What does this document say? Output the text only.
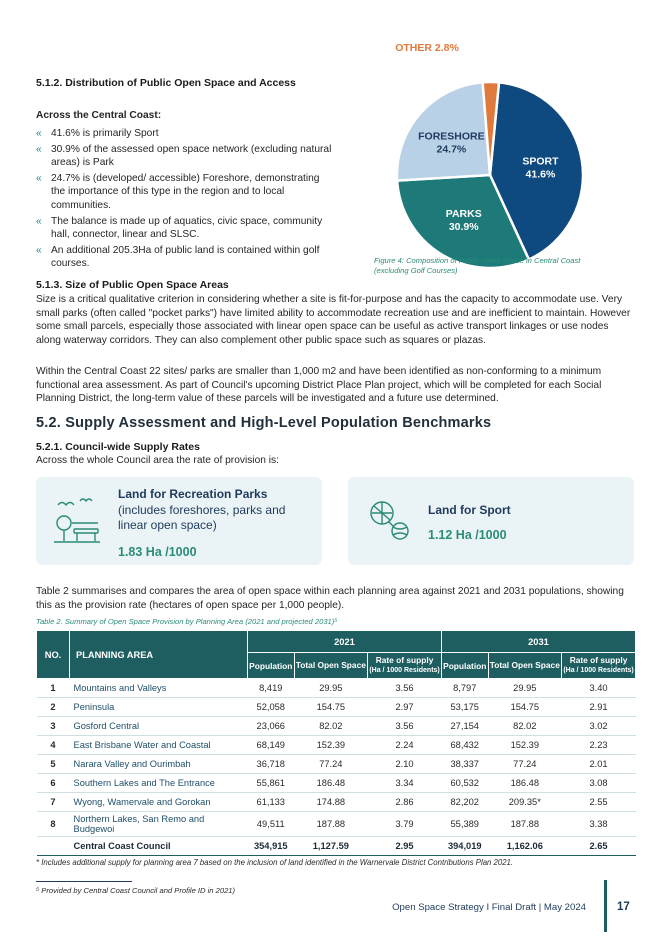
5.1.2. Distribution of Public Open Space and Access
Across the Central Coast:
« 41.6% is primarily Sport
« 30.9% of the assessed open space network (excluding natural areas) is Park
« 24.7% is (developed/ accessible) Foreshore, demonstrating the importance of this type in the region and to local communities.
« The balance is made up of aquatics, civic space, community hall, connector, linear and SLSC.
« An additional 205.3Ha of public land is contained within golf courses.
SPORT
41.6%
PARKS
30.9%
FORESHORE
24.7%
OTHER 2.8%
Figure 4: Composition of Public Open Space in Central Coast (excluding Golf Courses)
5.1.3. Size of Public Open Space Areas
Size is a critical qualitative criterion in considering whether a site is fit-for-purpose and has the capacity to accommodate use. Very small parks (often called "pocket parks") have limited ability to accommodate recreation use and are inefficient to maintain. However some small parcels, especially those associated with linear open space can be useful as active transport linkages or use nodes along waterway corridors. They can also complement other public space such as squares or plazas.
Within the Central Coast 22 sites/ parks are smaller than 1,000 m2 and have been identified as non-conforming to a minimum functional area assessment. As part of Council's upcoming District Place Plan project, which will be completed for each Social Planning District, the long-term value of these parcels will be investigated and a future use determined.
5.2. Supply Assessment and High-Level Population Benchmarks
5.2.1. Council-wide Supply Rates
Across the whole Council area the rate of provision is:
Land for Recreation Parks
(includes foreshores, parks and linear open space)
1.83 Ha /1000
Land for Sport
1.12 Ha /1000
Table 2 summarises and compares the area of open space within each planning area against 2021 and 2031 populations, showing this as the provision rate (hectares of open space per 1,000 people).
Table 2. Summary of Open Space Provision by Planning Area (2021 and projected 2031)⁵
NO.	PLANNING AREA	2021			2031		
		Population	Total Open Space	Rate of supply
(Ha / 1000 Residents)	Population	Total Open Space	Rate of supply
(Ha / 1000 Residents)
1	Mountains and Valleys	8,419	29.95	3.56	8,797	29.95	3.40
2	Peninsula	52,058	154.75	2.97	53,175	154.75	2.91
3	Gosford Central	23,066	82.02	3.56	27,154	82.02	3.02
4	East Brisbane Water and Coastal	68,149	152.39	2.24	68,432	152.39	2.23
5	Narara Valley and Ourimbah	36,718	77.24	2.10	38,337	77.24	2.01
6	Southern Lakes and The Entrance	55,861	186.48	3.34	60,532	186.48	3.08
7	Wyong, Wamervale and Gorokan	61,133	174.88	2.86	82,202	209.35*	2.55
8	Northern Lakes, San Remo and Budgewoi	49,511	187.88	3.79	55,389	187.88	3.38
	Central Coast Council	354,915	1,127.59	2.95	394,019	1,162.06	2.65
* Includes additional supply for planning area 7 based on the inclusion of land identified in the Warnervale District Contributions Plan 2021.
⁵ Provided by Central Coast Council and Profile ID in 2021)
Open Space Strategy I Final Draft | May 2024	17
